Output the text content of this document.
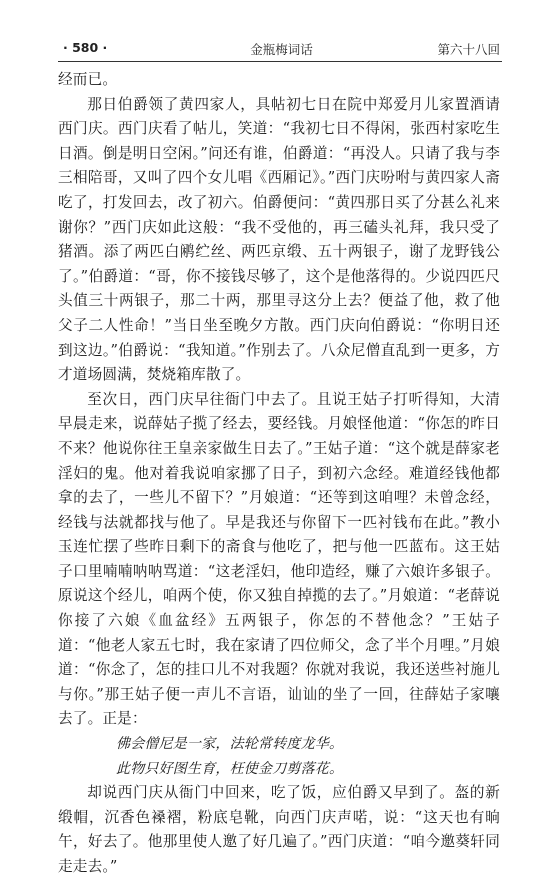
· 580 ·	金瓶梅词话	第六十八回

经而已。

那日伯爵领了黄四家人，具帖初七日在院中郑爱月儿家置酒请西门庆。西门庆看了帖儿，笑道：“我初七日不得闲，张西村家吃生日酒。倒是明日空闲。”问还有谁，伯爵道：“再没人。只请了我与李三相陪哥，又叫了四个女儿唱《西厢记》。”西门庆吩咐与黄四家人斋吃了，打发回去，改了初六。伯爵便问：“黄四那日买了分甚么礼来谢你？”西门庆如此这般：“我不受他的，再三磕头礼拜，我只受了猪酒。添了两匹白鹇纻丝、两匹京缎、五十两银子，谢了龙野钱公了。”伯爵道：“哥，你不接钱尽够了，这个是他落得的。少说四匹尺头值三十两银子，那二十两，那里寻这分上去？便益了他，救了他父子二人性命！”当日坐至晚夕方散。西门庆向伯爵说：“你明日还到这边。”伯爵说：“我知道。”作别去了。八众尼僧直乱到一更多，方才道场圆满，焚烧箱库散了。

至次日，西门庆早往衙门中去了。且说王姑子打听得知，大清早晨走来，说薛姑子揽了经去，要经钱。月娘怪他道：“你怎的昨日不来？他说你往王皇亲家做生日去了。”王姑子道：“这个就是薛家老淫妇的鬼。他对着我说咱家挪了日子，到初六念经。难道经钱他都拿的去了，一些儿不留下？”月娘道：“还等到这咱哩？未曾念经，经钱与法就都找与他了。早是我还与你留下一匹衬钱布在此。”教小玉连忙摆了些昨日剩下的斋食与他吃了，把与他一匹蓝布。这王姑子口里喃喃呐呐骂道：“这老淫妇，他印造经，赚了六娘许多银子。原说这个经儿，咱两个使，你又独自掉揽的去了。”月娘道：“老薛说你接了六娘《血盆经》五两银子，你怎的不替他念？”王姑子道：“他老人家五七时，我在家请了四位师父，念了半个月哩。”月娘道：“你念了，怎的挂口儿不对我题？你就对我说，我还送些衬施儿与你。”那王姑子便一声儿不言语，讪讪的坐了一回，往薛姑子家嚷去了。正是：

佛会僧尼是一家，法轮常转度龙华。

此物只好图生育，枉使金刀剪落花。

却说西门庆从衙门中回来，吃了饭，应伯爵又早到了。盔的新缎帽，沉香色褬褶，粉底皂靴，向西门庆声喏，说：“这天也有晌午，好去了。他那里使人邀了好几遍了。”西门庆道：“咱今邀葵轩同走走去。”
